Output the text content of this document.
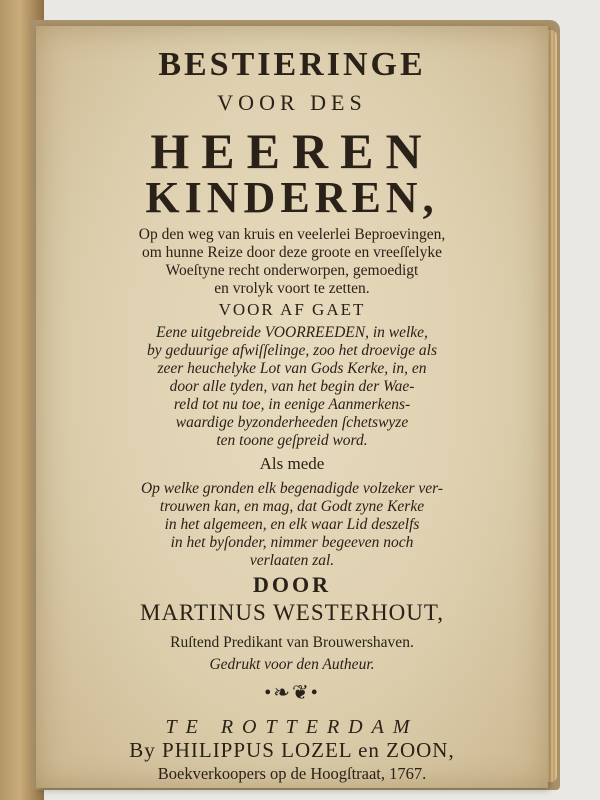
BESTIERINGE
VOOR DES
HEEREN
KINDEREN,
Op den weg van kruis en veelerlei Beproevingen,
om hunne Reize door deze groote en vreeſſelyke
Woeſtyne recht onderworpen, gemoedigt
en vrolyk voort te zetten.
VOOR AF GAET
Eene uitgebreide VOORREEDEN, in welke,
by geduurige afwiſſelinge, zoo het droevige als
zeer heuchelyke Lot van Gods Kerke, in, en
door alle tyden, van het begin der Wae-
reld tot nu toe, in eenige Aanmerkens-
waardige byzonderheeden ſchetswyze
ten toone geſpreid word.
Als mede
Op welke gronden elk begenadigde volzeker ver-
trouwen kan, en mag, dat Godt zyne Kerke
in het algemeen, en elk waar Lid deszelfs
in het byſonder, nimmer begeeven noch
verlaaten zal.
DOOR
MARTINUS WESTERHOUT,
Ruſtend Predikant van Brouwershaven.
Gedrukt voor den Autheur.
•❧❦•
TE ROTTERDAM
By PHILIPPUS LOZEL en ZOON,
Boekverkoopers op de Hoogſtraat, 1767.
